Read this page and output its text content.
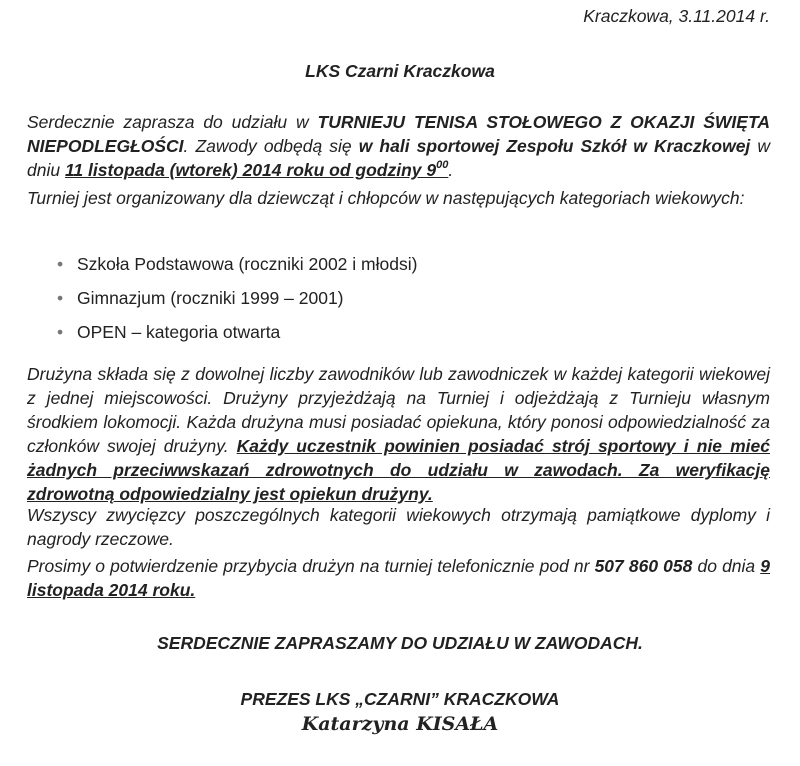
Kraczkowa, 3.11.2014 r.
LKS Czarni Kraczkowa

Serdecznie zaprasza do udziału w TURNIEJU TENISA STOŁOWEGO Z OKAZJI ŚWIĘTA NIEPODLEGŁOŚCI. Zawody odbędą się w hali sportowej Zespołu Szkół w Kraczkowej w dniu 11 listopada (wtorek) 2014 roku od godziny $9^{00}$.

Turniej jest organizowany dla dziewcząt i chłopców w następujących kategoriach wiekowych:

• Szkoła Podstawowa (roczniki 2002 i młodsi)
• Gimnazjum (roczniki 1999 – 2001)
• OPEN – kategoria otwarta

Drużyna składa się z dowolnej liczby zawodników lub zawodniczek w każdej kategorii wiekowej z jednej miejscowości. Drużyny przyjeżdżają na Turniej i odjeżdżają z Turnieju własnym środkiem lokomocji. Każda drużyna musi posiadać opiekuna, który ponosi odpowiedzialność za członków swojej drużyny. Każdy uczestnik powinien posiadać strój sportowy i nie mieć żadnych przeciwwskazań zdrowotnych do udziału w zawodach. Za weryfikację zdrowotną odpowiedzialny jest opiekun drużyny.

Wszyscy zwycięzcy poszczególnych kategorii wiekowych otrzymają pamiątkowe dyplomy i nagrody rzeczowe.

Prosimy o potwierdzenie przybycia drużyn na turniej telefonicznie pod nr 507 860 058 do dnia 9 listopada 2014 roku.

SERDECZNIE ZAPRASZAMY DO UDZIAŁU W ZAWODACH.
PREZES LKS „CZARNI” KRACZKOWA
Katarzyna KISAŁA
